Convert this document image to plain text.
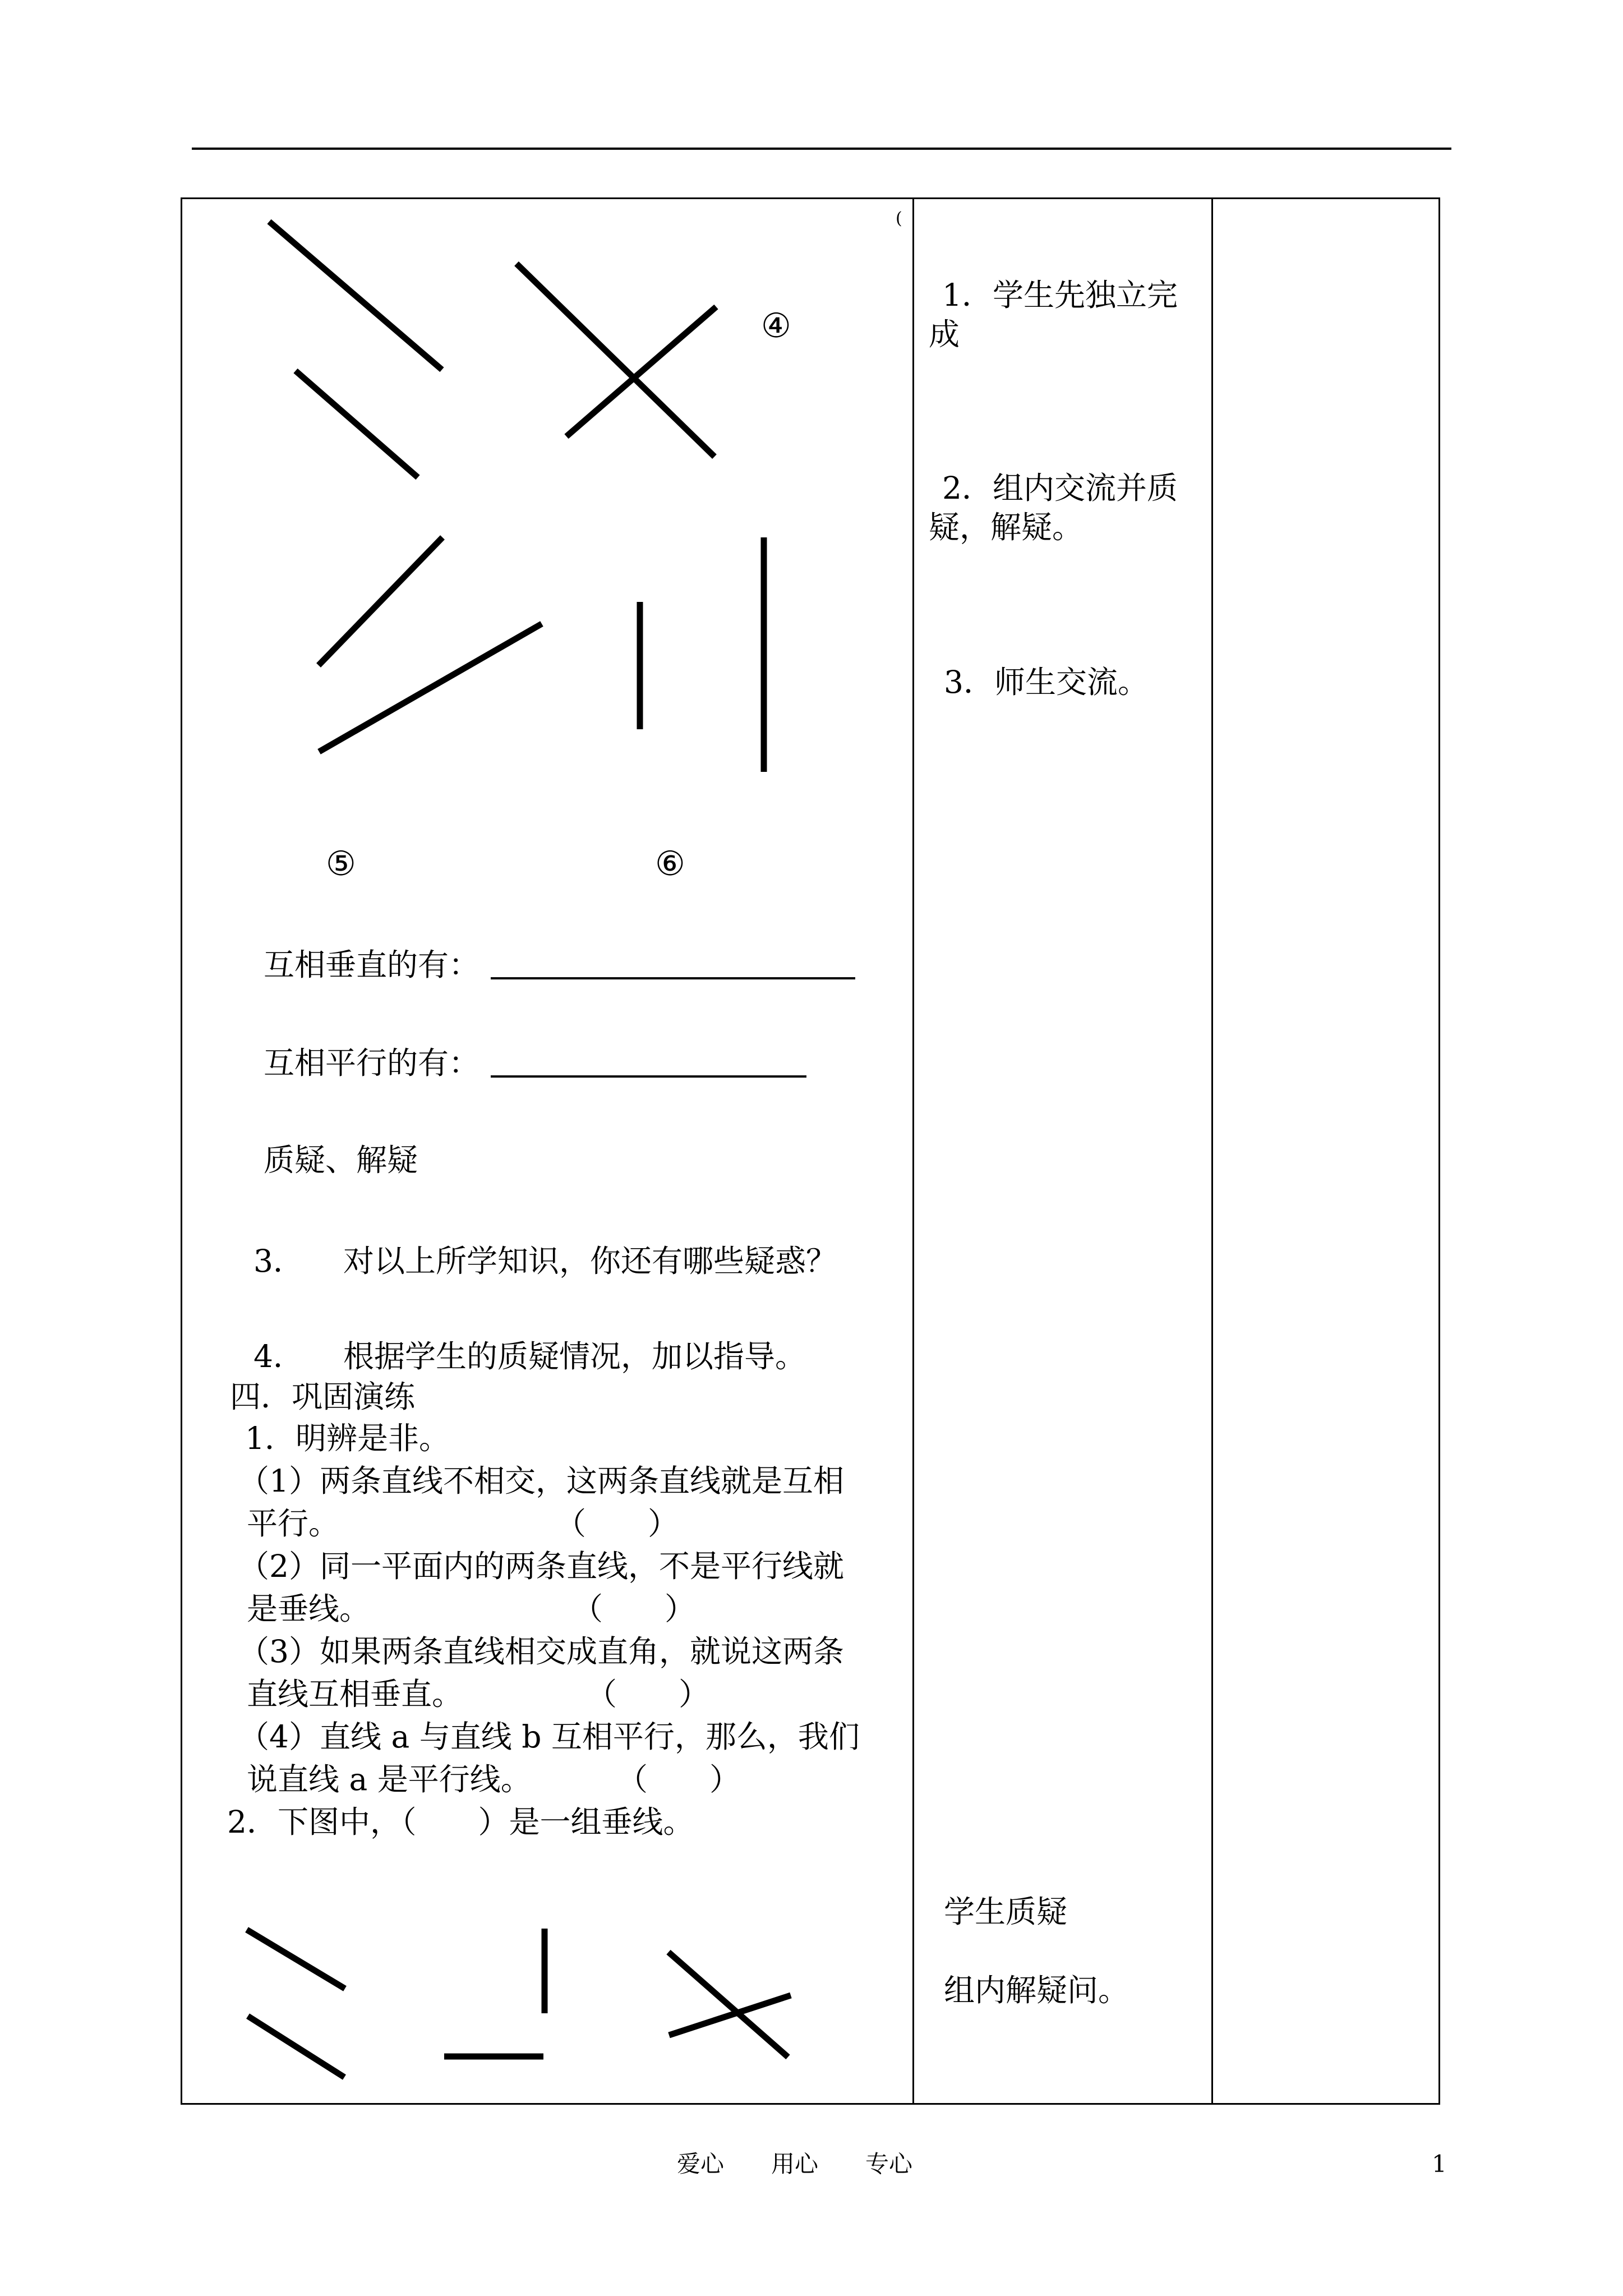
④
⑤	⑥
(
互相垂直的有：
互相平行的有：
质疑、解疑
3． 对以上所学知识，你还有哪些疑惑？
4． 根据学生的质疑情况，加以指导。
四．巩固演练
1．明辨是非。
（1）两条直线不相交，这两条直线就是互相
平行。	（　　）
（2）同一平面内的两条直线，不是平行线就
是垂线。	（　　）
（3）如果两条直线相交成直角，就说这两条
直线互相垂直。	（　　）
（4）直线 a 与直线 b 互相平行，那么，我们
说直线 a 是平行线。	（　　）
2．下图中，（　　）是一组垂线。
1．学生先独立完
成
2．组内交流并质
疑，解疑。
3．师生交流。
学生质疑
组内解疑问。
爱心　　用心　　专心	1
